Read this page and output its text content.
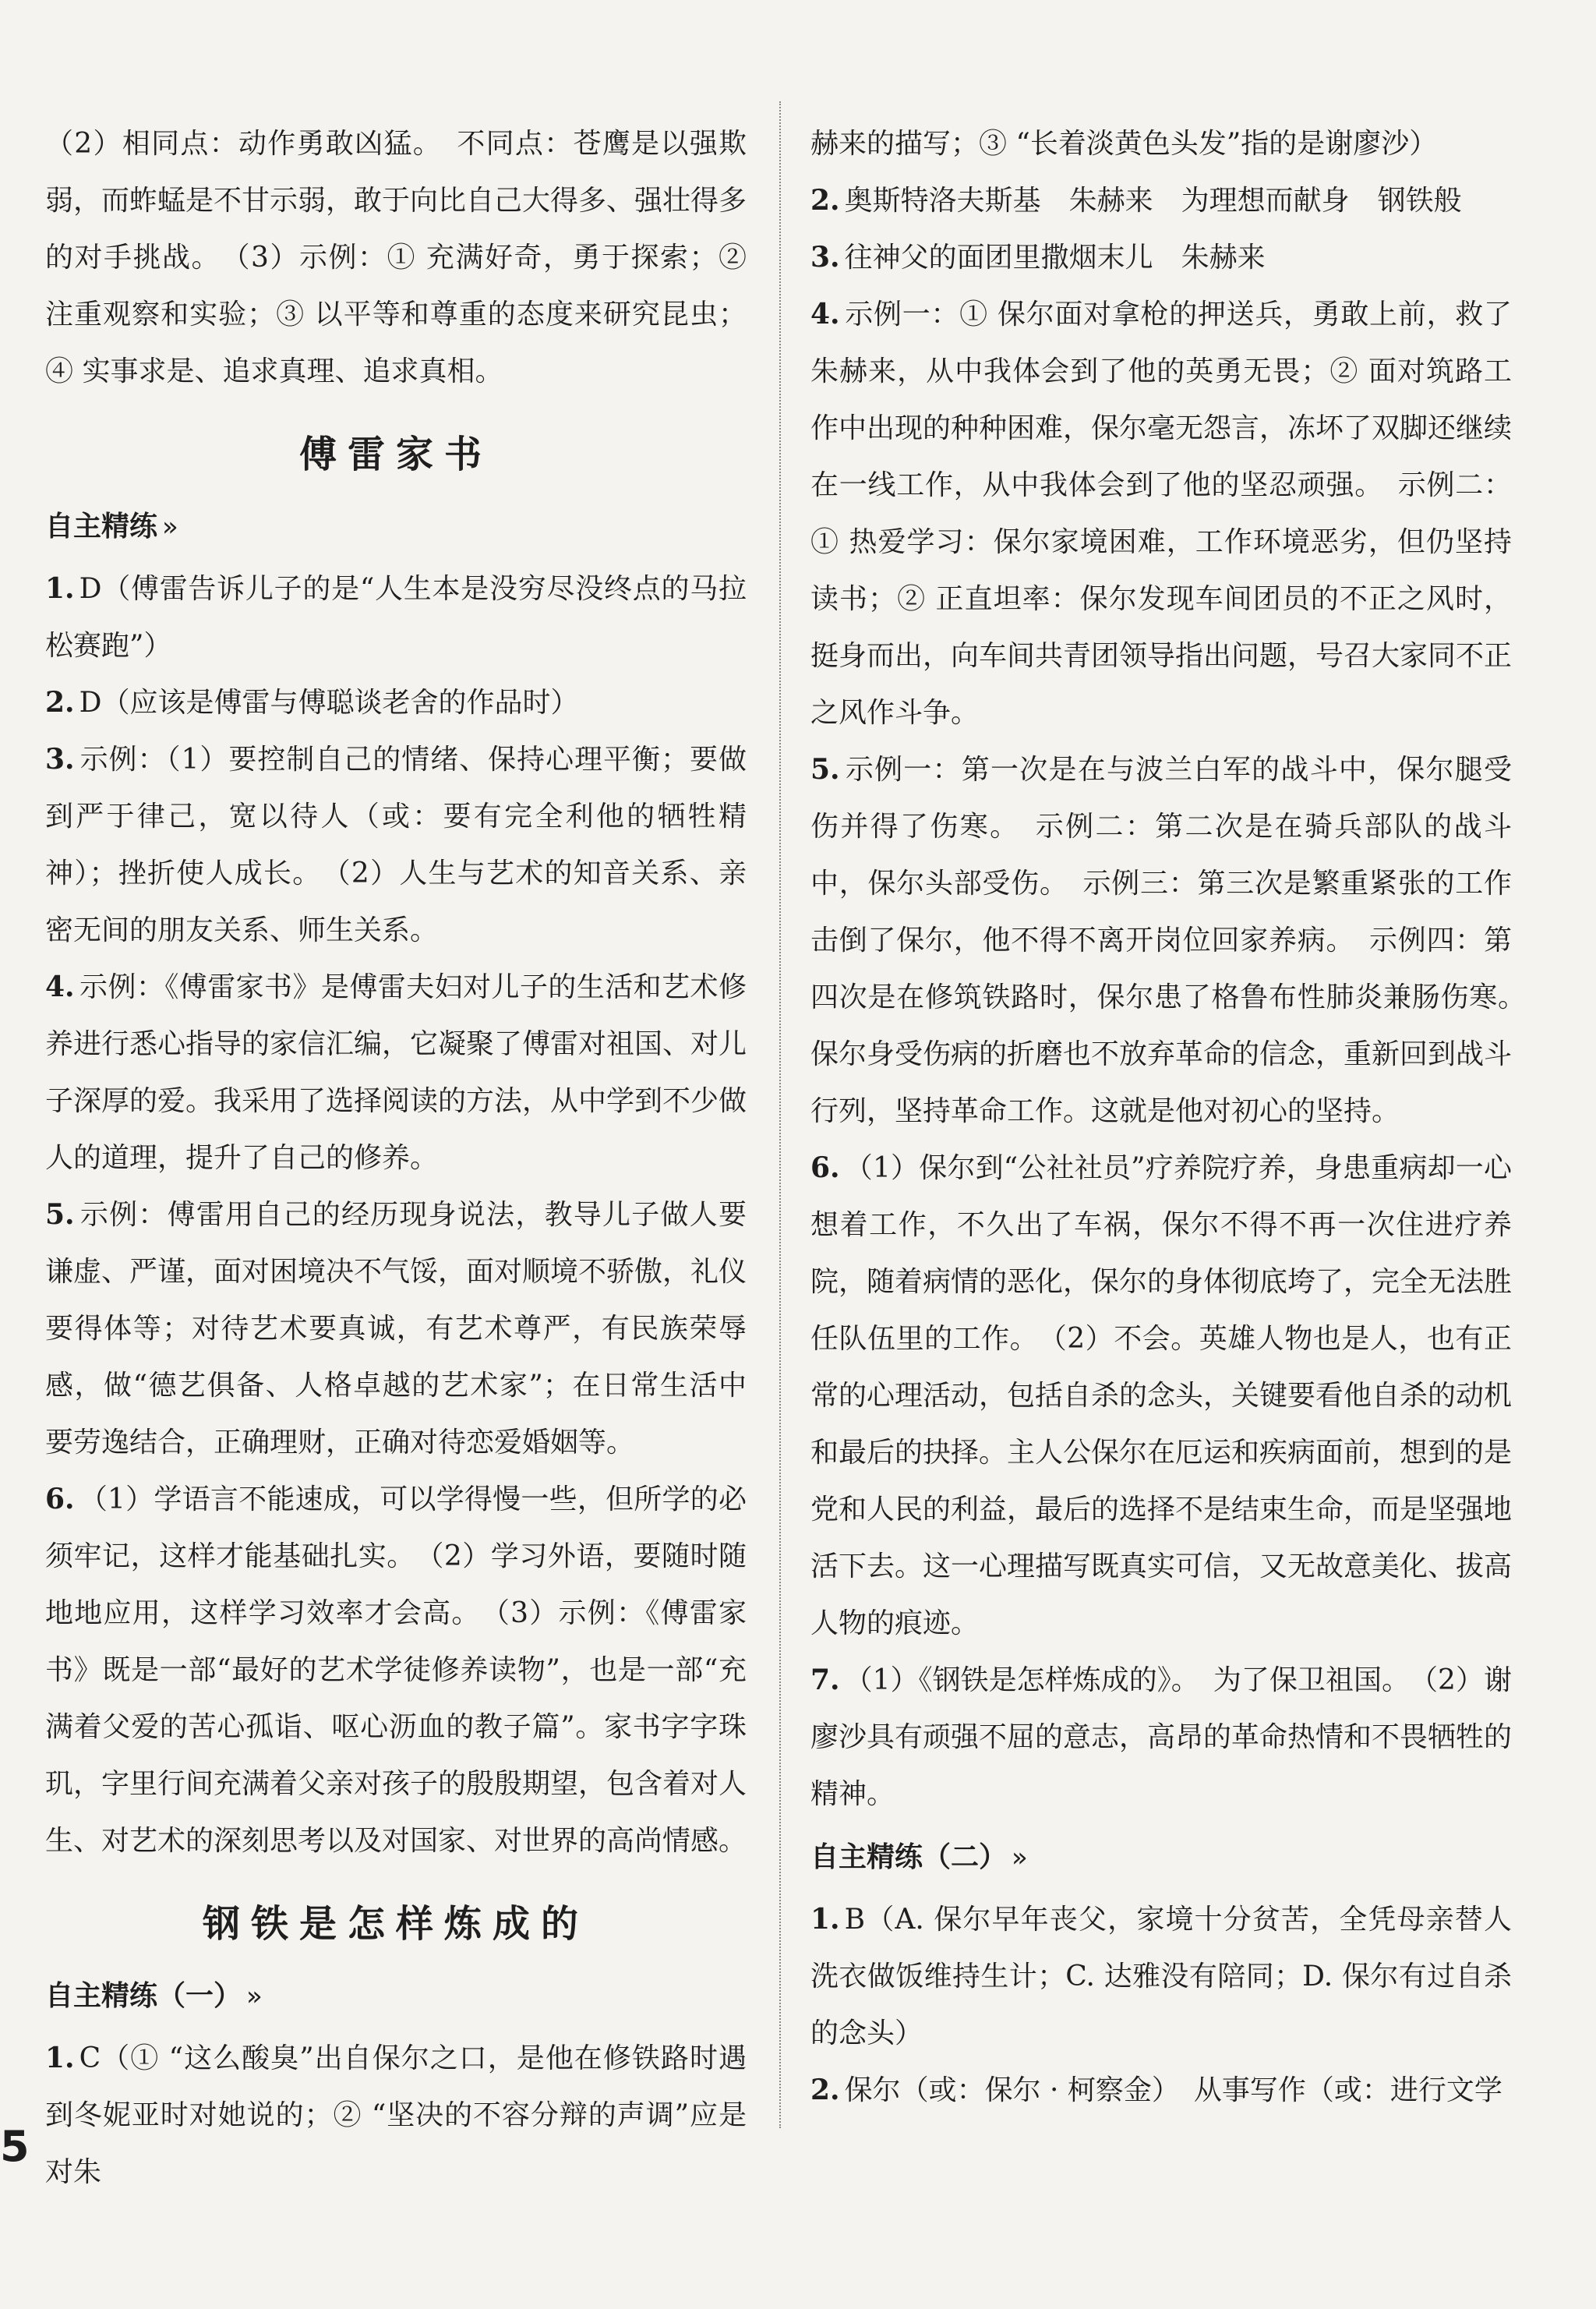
（2）相同点：动作勇敢凶猛。　不同点：苍鹰是以强欺弱，而蚱蜢是不甘示弱，敢于向比自己大得多、强壮得多的对手挑战。　（3）示例：① 充满好奇，勇于探索；② 注重观察和实验；③ 以平等和尊重的态度来研究昆虫；④ 实事求是、追求真理、追求真相。

傅雷家书
自主精练 »

1. D（傅雷告诉儿子的是“人生本是没穷尽没终点的马拉松赛跑”）

2. D（应该是傅雷与傅聪谈老舍的作品时）

3. 示例：（1）要控制自己的情绪、保持心理平衡；要做到严于律己，宽以待人（或：要有完全利他的牺牲精神）；挫折使人成长。　（2）人生与艺术的知音关系、亲密无间的朋友关系、师生关系。

4. 示例：《傅雷家书》是傅雷夫妇对儿子的生活和艺术修养进行悉心指导的家信汇编，它凝聚了傅雷对祖国、对儿子深厚的爱。我采用了选择阅读的方法，从中学到不少做人的道理，提升了自己的修养。

5. 示例：傅雷用自己的经历现身说法，教导儿子做人要谦虚、严谨，面对困境决不气馁，面对顺境不骄傲，礼仪要得体等；对待艺术要真诚，有艺术尊严，有民族荣辱感，做“德艺俱备、人格卓越的艺术家”；在日常生活中要劳逸结合，正确理财，正确对待恋爱婚姻等。

6. （1）学语言不能速成，可以学得慢一些，但所学的必须牢记，这样才能基础扎实。　（2）学习外语，要随时随地地应用，这样学习效率才会高。　（3）示例：《傅雷家书》既是一部“最好的艺术学徒修养读物”，也是一部“充满着父爱的苦心孤诣、呕心沥血的教子篇”。家书字字珠玑，字里行间充满着父亲对孩子的殷殷期望，包含着对人生、对艺术的深刻思考以及对国家、对世界的高尚情感。

钢铁是怎样炼成的
自主精练（一） »

1. C（① “这么酸臭”出自保尔之口，是他在修铁路时遇到冬妮亚时对她说的；② “坚决的不容分辩的声调”应是对朱

赫来的描写；③ “长着淡黄色头发”指的是谢廖沙）

2. 奥斯特洛夫斯基　朱赫来　为理想而献身　钢铁般

3. 往神父的面团里撒烟末儿　朱赫来

4. 示例一：① 保尔面对拿枪的押送兵，勇敢上前，救了朱赫来，从中我体会到了他的英勇无畏；② 面对筑路工作中出现的种种困难，保尔毫无怨言，冻坏了双脚还继续在一线工作，从中我体会到了他的坚忍顽强。　示例二：① 热爱学习：保尔家境困难，工作环境恶劣，但仍坚持读书；② 正直坦率：保尔发现车间团员的不正之风时，挺身而出，向车间共青团领导指出问题，号召大家同不正之风作斗争。

5. 示例一：第一次是在与波兰白军的战斗中，保尔腿受伤并得了伤寒。　示例二：第二次是在骑兵部队的战斗中，保尔头部受伤。　示例三：第三次是繁重紧张的工作击倒了保尔，他不得不离开岗位回家养病。　示例四：第四次是在修筑铁路时，保尔患了格鲁布性肺炎兼肠伤寒。　保尔身受伤病的折磨也不放弃革命的信念，重新回到战斗行列，坚持革命工作。这就是他对初心的坚持。

6. （1）保尔到“公社社员”疗养院疗养，身患重病却一心想着工作，不久出了车祸，保尔不得不再一次住进疗养院，随着病情的恶化，保尔的身体彻底垮了，完全无法胜任队伍里的工作。　（2）不会。英雄人物也是人，也有正常的心理活动，包括自杀的念头，关键要看他自杀的动机和最后的抉择。主人公保尔在厄运和疾病面前，想到的是党和人民的利益，最后的选择不是结束生命，而是坚强地活下去。这一心理描写既真实可信，又无故意美化、拔高人物的痕迹。

7. （1）《钢铁是怎样炼成的》。　为了保卫祖国。　（2）谢廖沙具有顽强不屈的意志，高昂的革命热情和不畏牺牲的精神。

自主精练（二） »

1. B（A. 保尔早年丧父，家境十分贫苦，全凭母亲替人洗衣做饭维持生计；C. 达雅没有陪同；D. 保尔有过自杀的念头）

2. 保尔（或：保尔 · 柯察金）　从事写作（或：进行文学

5
